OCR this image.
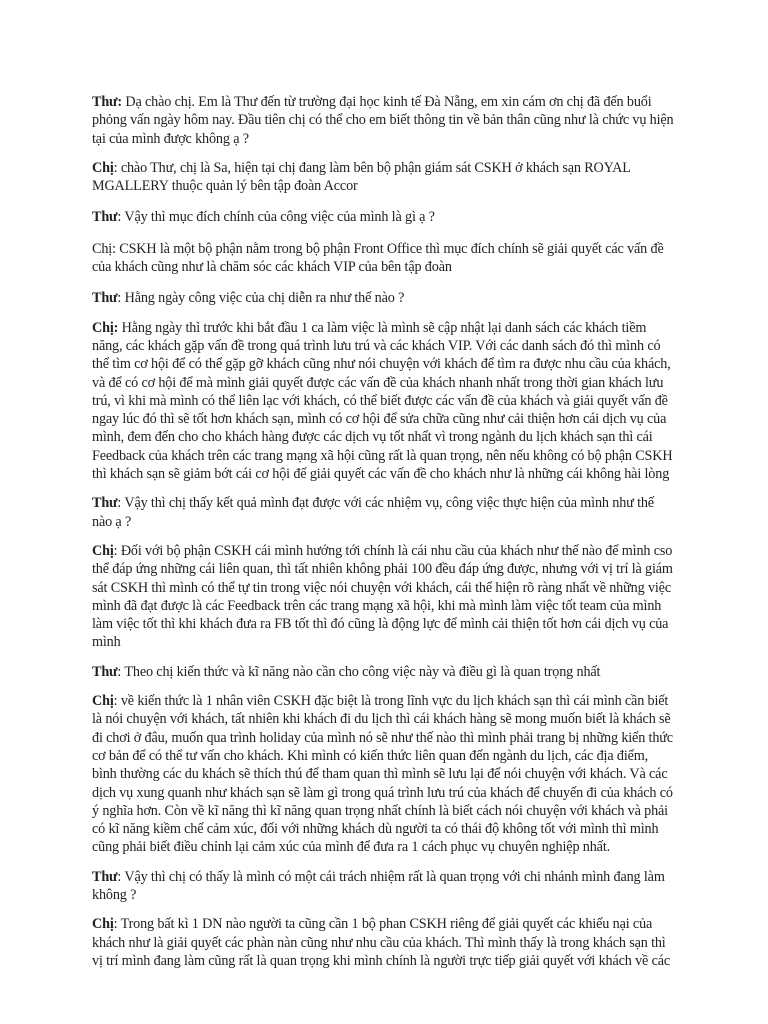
Thư: Dạ chào chị. Em là Thư đến từ trường đại học kinh tế Đà Nẵng, em xin cám ơn chị đã đến buổi phỏng vấn ngày hôm nay. Đầu tiên chị có thể cho em biết thông tin về bản thân cũng như là chức vụ hiện tại của mình được không ạ ?

Chị: chào Thư, chị là Sa, hiện tại chị đang làm bên bộ phận giám sát CSKH ở khách sạn ROYAL MGALLERY thuộc quản lý bên tập đoàn Accor

Thư: Vậy thì mục đích chính của công việc của mình là gì ạ ?

Chị: CSKH là một bộ phận nằm trong bộ phận Front Office thì mục đích chính sẽ giải quyết các vấn đề của khách cũng như là chăm sóc các khách VIP của bên tập đoàn

Thư: Hằng ngày công việc của chị diễn ra như thế nào ?

Chị: Hằng ngày thì trước khi bắt đầu 1 ca làm việc là mình sẽ cập nhật lại danh sách các khách tiềm năng, các khách gặp vấn đề trong quá trình lưu trú và các khách VIP. Với các danh sách đó thì mình có thể tìm cơ hội để có thể gặp gỡ khách cũng như nói chuyện với khách để tìm ra được nhu cầu của khách, và để có cơ hội để mà mình giải quyết được các vấn đề của khách nhanh nhất trong thời gian khách lưu trú, vì khi mà mình có thể liên lạc với khách, có thể biết được các vấn đề của khách và giải quyết vấn đề ngay lúc đó thì sẽ tốt hơn khách sạn, mình có cơ hội để sửa chữa cũng như cải thiện hơn cái dịch vụ của mình, đem đến cho cho khách hàng được các dịch vụ tốt nhất vì trong ngành du lịch khách sạn thì cái Feedback của khách trên các trang mạng xã hội cũng rất là quan trọng, nên nếu không có bộ phận CSKH thì khách sạn sẽ giảm bớt cái cơ hội để giải quyết các vấn đề cho khách như là những cái không hài lòng

Thư: Vậy thì chị thấy kết quả mình đạt được với các nhiệm vụ, công việc thực hiện của mình như thế nào ạ ?

Chị: Đối với bộ phận CSKH cái mình hướng tới chính là cái nhu cầu của khách như thế nào để mình cso thể đáp ứng những cái liên quan, thì tất nhiên không phải 100 đều đáp ứng được, nhưng với vị trí là giám sát CSKH thì mình có thể tự tin trong việc nói chuyện với khách, cái thể hiện rõ ràng nhất về những việc mình đã đạt được là các Feedback trên các trang mạng xã hội, khi mà mình làm việc tốt team của mình làm việc tốt thì khi khách đưa ra FB tốt thì đó cũng là động lực để mình cải thiện tốt hơn cái dịch vụ của mình

Thư: Theo chị kiến thức và kĩ năng nào cần cho công việc này và điều gì là quan trọng nhất

Chị: về kiến thức là 1 nhân viên CSKH đặc biệt là trong lĩnh vực du lịch khách sạn thì cái mình cần biết là nói chuyện với khách, tất nhiên khi khách đi du lịch thì cái khách hàng sẽ mong muốn biết là khách sẽ đi chơi ở đâu, muốn qua trình holiday của mình nó sẽ như thế nào thì mình phải trang bị những kiến thức cơ bản để có thể tư vấn cho khách. Khi mình có kiến thức liên quan đến ngành du lịch, các địa điểm, bình thường các du khách sẽ thích thú để tham quan thì mình sẽ lưu lại để nói chuyện với khách. Và các dịch vụ xung quanh như khách sạn sẽ làm gì trong quá trình lưu trú của khách để chuyến đi của khách có ý nghĩa hơn. Còn về kĩ năng thì kĩ năng quan trọng nhất chính là biết cách nói chuyện với khách và phải có kĩ năng kiềm chế cảm xúc, đối với những khách dù người ta có thái độ không tốt với mình thì mình cũng phải biết điều chỉnh lại cảm xúc của mình để đưa ra 1 cách phục vụ chuyên nghiệp nhất.

Thư: Vậy thì chị có thấy là mình có một cái trách nhiệm rất là quan trọng với chi nhánh mình đang làm không ?

Chị: Trong bất kì 1 DN nào người ta cũng cần 1 bộ phan CSKH riêng để giải quyết các khiếu nại của khách như là giải quyết các phàn nàn cũng như nhu cầu của khách. Thì mình thấy là trong khách sạn thì vị trí mình đang làm cũng rất là quan trọng khi mình chính là người trực tiếp giải quyết với khách về các
